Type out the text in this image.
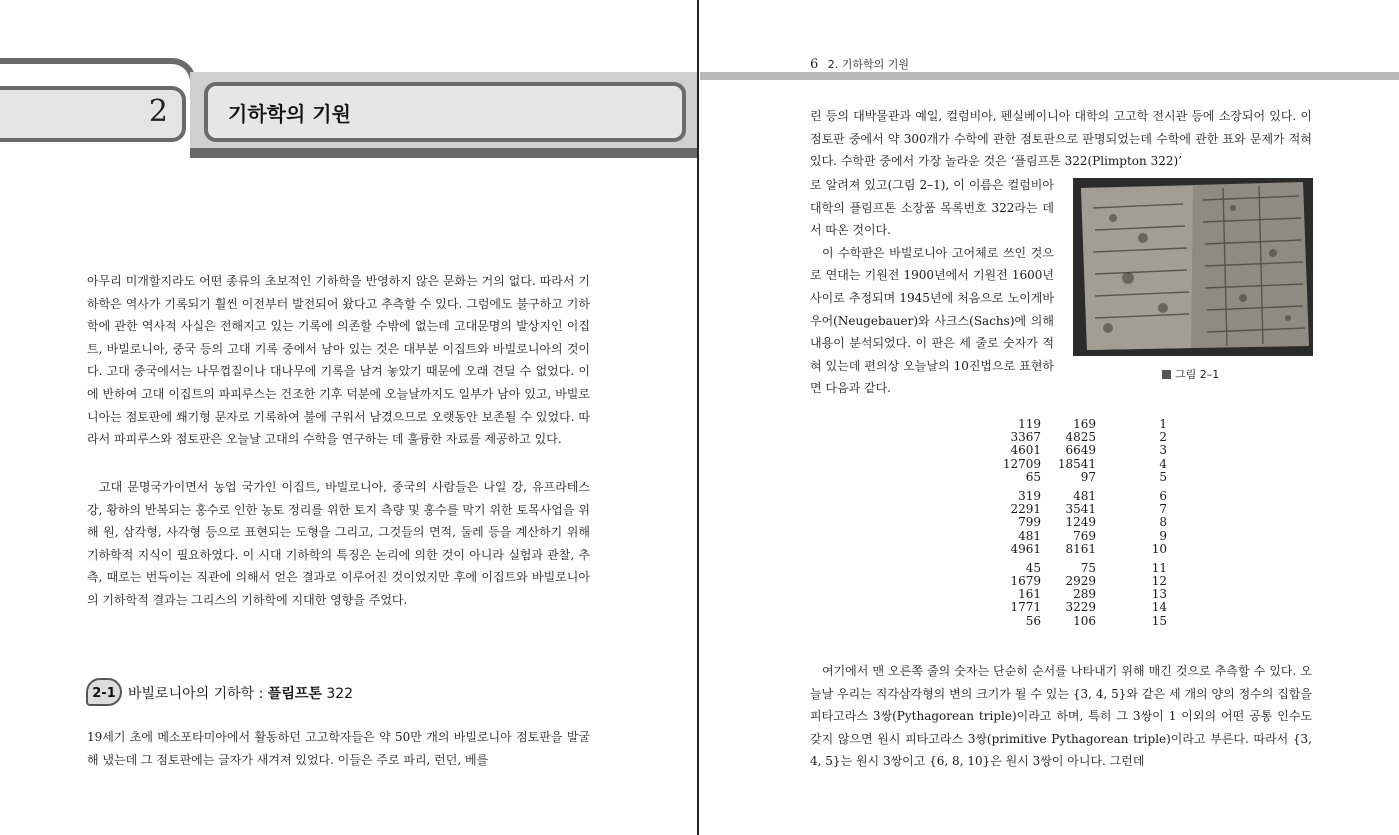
2	기하학의 기원

아무리 미개할지라도 어떤 종류의 초보적인 기하학을 반영하지 않은 문화는 거의 없다. 따라서 기하학은 역사가 기록되기 훨씬 이전부터 발전되어 왔다고 추측할 수 있다. 그럼에도 불구하고 기하학에 관한 역사적 사실은 전해지고 있는 기록에 의존할 수밖에 없는데 고대문명의 발상지인 이집트, 바빌로니아, 중국 등의 고대 기록 중에서 남아 있는 것은 대부분 이집트와 바빌로니아의 것이다. 고대 중국에서는 나무껍질이나 대나무에 기록을 남겨 놓았기 때문에 오래 견딜 수 없었다. 이에 반하여 고대 이집트의 파피루스는 건조한 기후 덕분에 오늘날까지도 일부가 남아 있고, 바빌로니아는 점토판에 쐐기형 문자로 기록하여 불에 구워서 남겼으므로 오랫동안 보존될 수 있었다. 따라서 파피루스와 점토판은 오늘날 고대의 수학을 연구하는 데 훌륭한 자료를 제공하고 있다.

고대 문명국가이면서 농업 국가인 이집트, 바빌로니아, 중국의 사람들은 나일 강, 유프라테스 강, 황하의 반복되는 홍수로 인한 농토 정리를 위한 토지 측량 및 홍수를 막기 위한 토목사업을 위해 원, 삼각형, 사각형 등으로 표현되는 도형을 그리고, 그것들의 면적, 둘레 등을 계산하기 위해 기하학적 지식이 필요하였다. 이 시대 기하학의 특징은 논리에 의한 것이 아니라 실험과 관찰, 추측, 때로는 번득이는 직관에 의해서 얻은 결과로 이루어진 것이었지만 후에 이집트와 바빌로니아의 기하학적 결과는 그리스의 기하학에 지대한 영향을 주었다.

2-1 바빌로니아의 기하학 : 플림프톤 322

19세기 초에 메소포타미아에서 활동하던 고고학자들은 약 50만 개의 바빌로니아 점토판을 발굴해 냈는데 그 점토판에는 글자가 새겨져 있었다. 이들은 주로 파리, 런던, 베를

6 2. 기하학의 기원

린 등의 대박물관과 예일, 컬럼비아, 펜실베이니아 대학의 고고학 전시관 등에 소장되어 있다. 이 점토판 중에서 약 300개가 수학에 관한 점토판으로 판명되었는데 수학에 관한 표와 문제가 적혀 있다. 수학판 중에서 가장 놀라운 것은 ‘플림프톤 322(Plimpton 322)’

로 알려져 있고(그림 2–1), 이 이름은 컬럼비아 대학의 플림프톤 소장품 목록번호 322라는 데서 따온 것이다.
이 수학판은 바빌로니아 고어체로 쓰인 것으로 연대는 기원전 1900년에서 기원전 1600년 사이로 추정되며 1945년에 처음으로 노이게바우어(Neugebauer)와 사크스(Sachs)에 의해 내용이 분석되었다. 이 판은 세 줄로 숫자가 적혀 있는데 편의상 오늘날의 10진법으로 표현하면 다음과 같다.
그림 2–1
119	169	1
3367	4825	2
4601	6649	3
12709	18541	4
65	97	5
319	481	6
2291	3541	7
799	1249	8
481	769	9
4961	8161	10
45	75	11
1679	2929	12
161	289	13
1771	3229	14
56	106	15

여기에서 맨 오른쪽 줄의 숫자는 단순히 순서를 나타내기 위해 매긴 것으로 추측할 수 있다. 오늘날 우리는 직각삼각형의 변의 크기가 될 수 있는 {3, 4, 5}와 같은 세 개의 양의 정수의 집합을 피타고라스 3쌍(Pythagorean triple)이라고 하며, 특히 그 3쌍이 1 이외의 어떤 공통 인수도 갖지 않으면 원시 피타고라스 3쌍(primitive Pythagorean triple)이라고 부른다. 따라서 {3, 4, 5}는 원시 3쌍이고 {6, 8, 10}은 원시 3쌍이 아니다. 그런데
